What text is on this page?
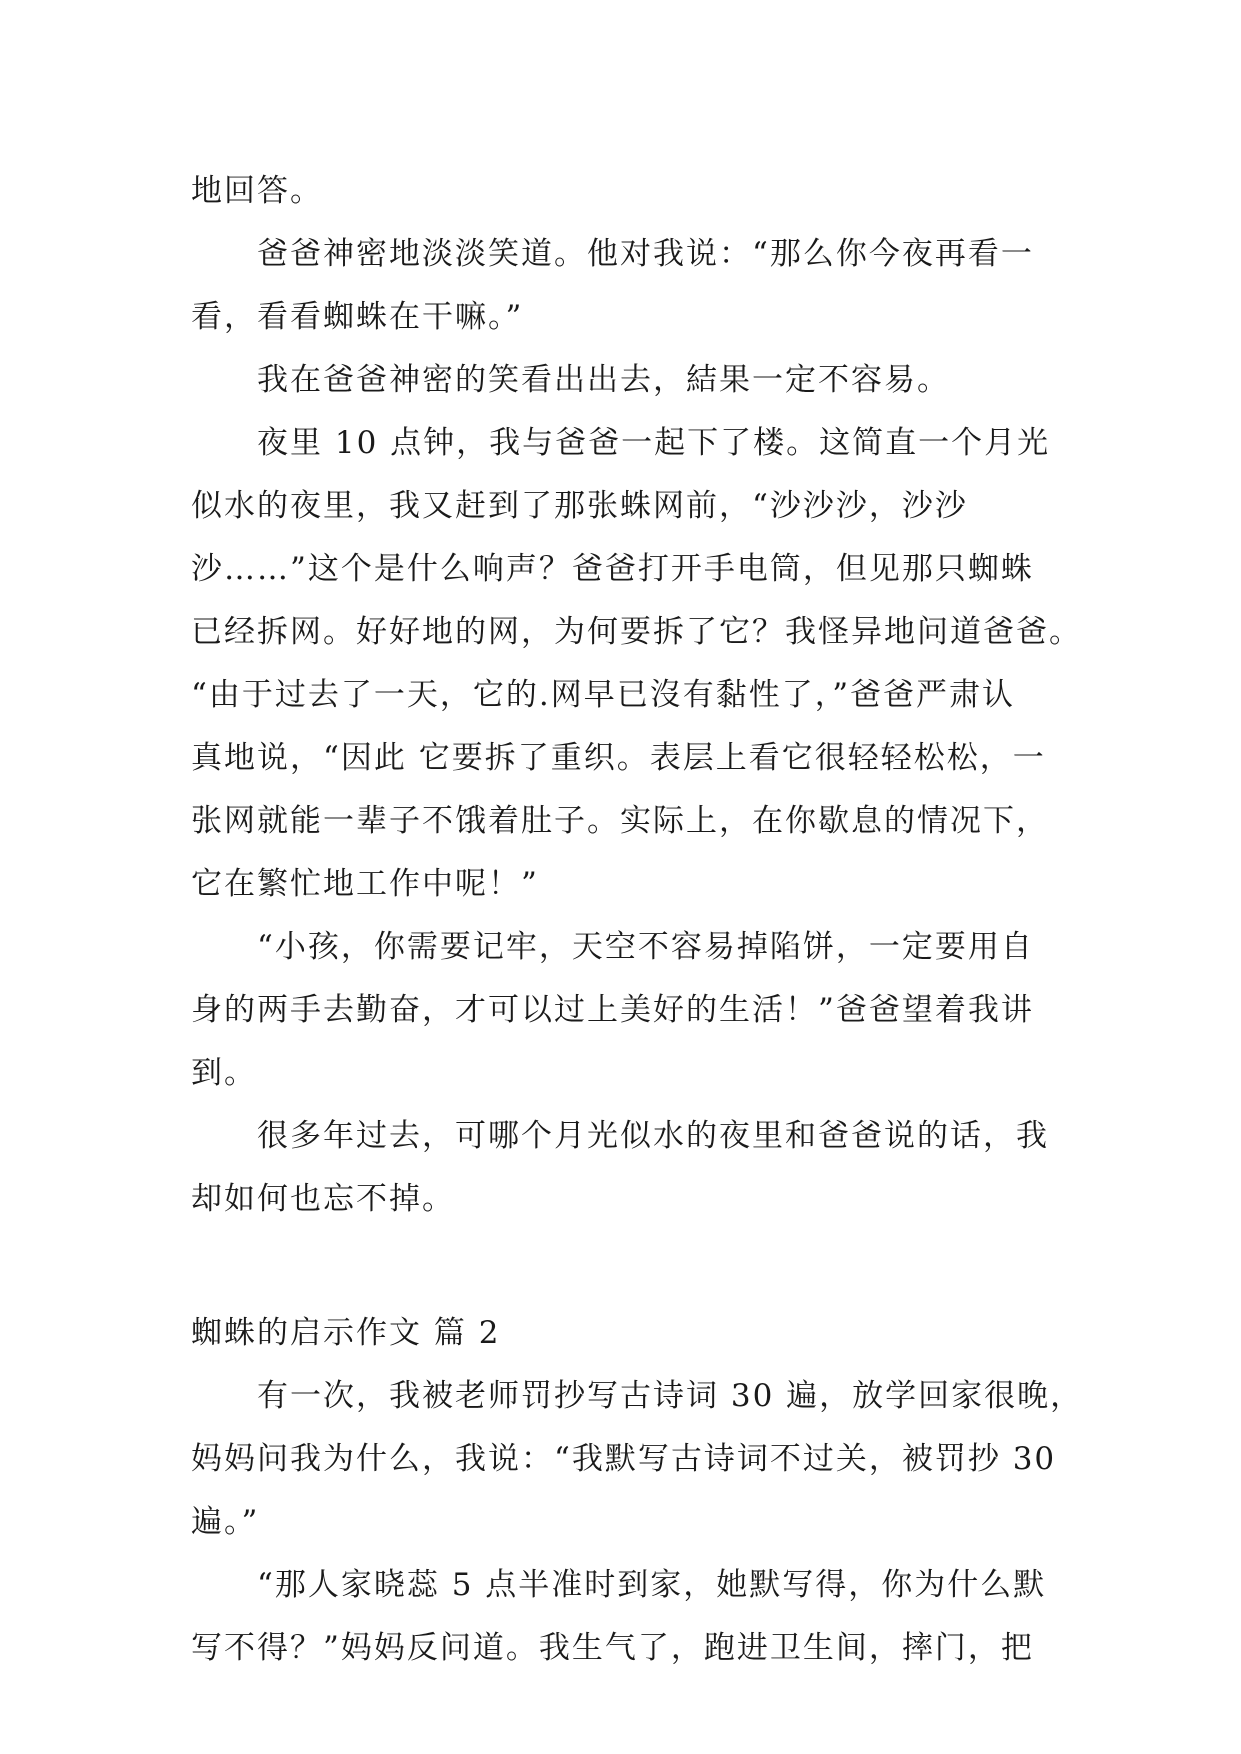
地回答。
爸爸神密地淡淡笑道。他对我说：“那么你今夜再看一
看，看看蜘蛛在干嘛。”
我在爸爸神密的笑看出出去，結果一定不容易。
夜里 10 点钟，我与爸爸一起下了楼。这简直一个月光
似水的夜里，我又赶到了那张蛛网前，“沙沙沙，沙沙
沙……”这个是什么响声？爸爸打开手电筒，但见那只蜘蛛
已经拆网。好好地的网，为何要拆了它？我怪异地问道爸爸。
“由于过去了一天，它的.网早已沒有黏性了，”爸爸严肃认
真地说，“因此 它要拆了重织。表层上看它很轻轻松松，一
张网就能一辈子不饿着肚子。实际上，在你歇息的情况下，
它在繁忙地工作中呢！”
“小孩，你需要记牢，天空不容易掉陷饼，一定要用自
身的两手去勤奋，才可以过上美好的生活！”爸爸望着我讲
到。
很多年过去，可哪个月光似水的夜里和爸爸说的话，我
却如何也忘不掉。
蜘蛛的启示作文 篇 2
有一次，我被老师罚抄写古诗词 30 遍，放学回家很晚，
妈妈问我为什么，我说：“我默写古诗词不过关，被罚抄 30
遍。”
“那人家晓蕊 5 点半准时到家，她默写得，你为什么默
写不得？”妈妈反问道。我生气了，跑进卫生间，摔门，把
